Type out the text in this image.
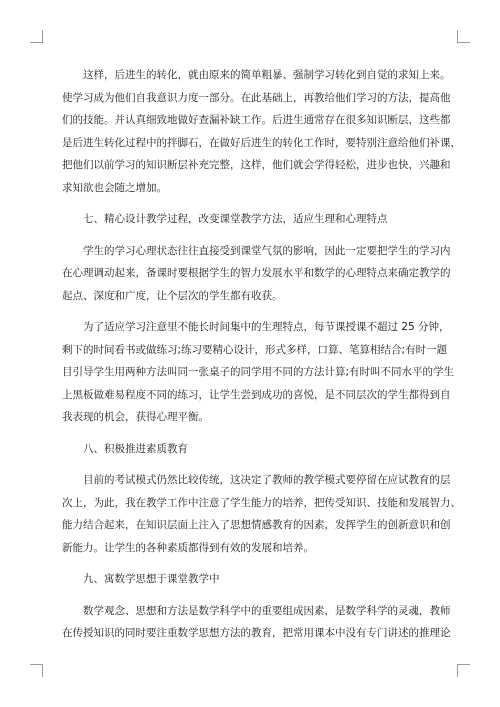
这样，后进生的转化，就由原来的简单粗暴、强制学习转化到自觉的求知上来。
使学习成为他们自我意识力度一部分。在此基础上，再教给他们学习的方法，提高他
们的技能。并认真细致地做好查漏补缺工作。后进生通常存在很多知识断层，这些都
是后进生转化过程中的拌脚石，在做好后进生的转化工作时，要特别注意给他们补课，
把他们以前学习的知识断层补充完整，这样，他们就会学得轻松，进步也快，兴趣和
求知欲也会随之增加。
七、精心设计教学过程，改变课堂教学方法，适应生理和心理特点
学生的学习心理状态往往直接受到课堂气氛的影响，因此一定要把学生的学习内
在心理调动起来，备课时要根据学生的智力发展水平和数学的心理特点来确定教学的
起点、深度和广度，让个层次的学生都有收获。
为了适应学习注意里不能长时间集中的生理特点，每节课授课不超过 25 分钟，
剩下的时间看书或做练习;练习要精心设计，形式多样，口算、笔算相结合;有时一题
目引导学生用两种方法叫同一张桌子的同学用不同的方法计算;有时叫不同水平的学生
上黑板做难易程度不同的练习，让学生尝到成功的喜悦，是不同层次的学生都得到自
我表现的机会，获得心理平衡。
八、积极推进素质教育
目前的考试模式仍然比较传统，这决定了教师的教学模式要停留在应试教育的层
次上，为此，我在教学工作中注意了学生能力的培养，把传受知识、技能和发展智力、
能力结合起来，在知识层面上注入了思想情感教育的因素，发挥学生的创新意识和创
新能力。让学生的各种素质都得到有效的发展和培养。
九、寓数学思想于课堂教学中
数学观念、思想和方法是数学科学中的重要组成因素，是数学科学的灵魂，教师
在传授知识的同时要注重数学思想方法的教育，把常用课本中没有专门讲述的推理论
